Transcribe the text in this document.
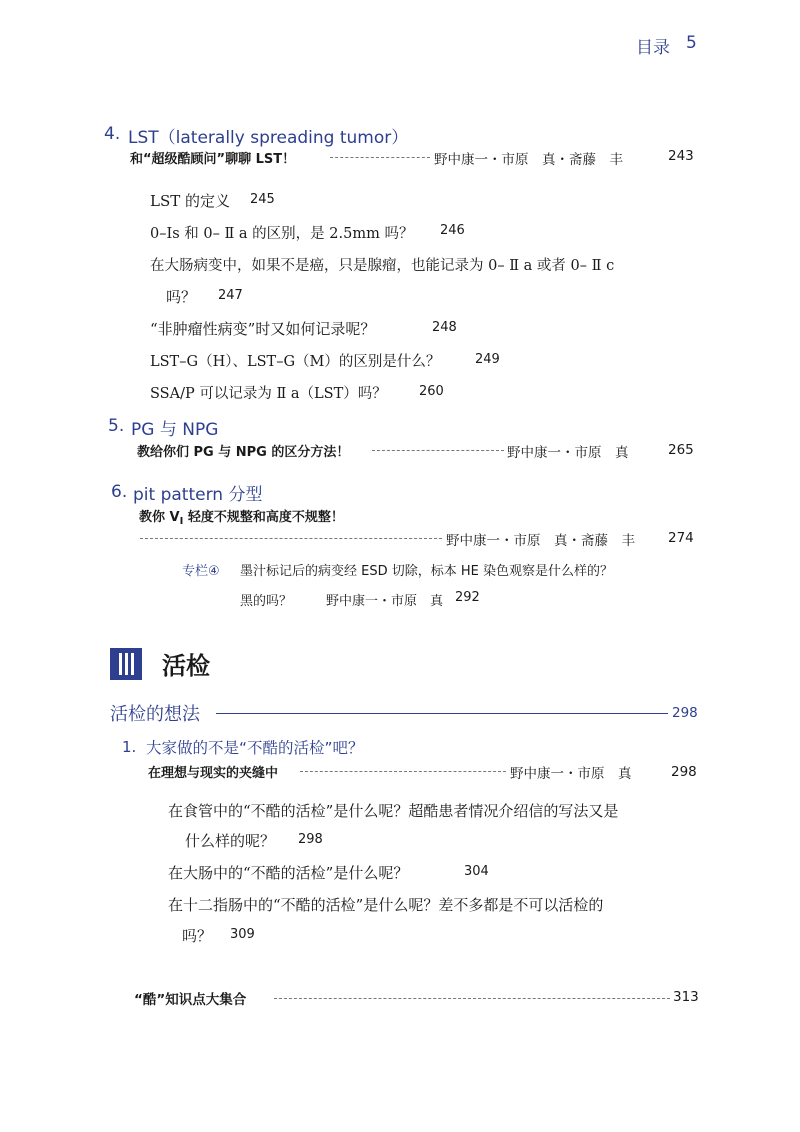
目录 5
4. LST（laterally spreading tumor）
和“超级酷顾问”聊聊 LST！	野中康一・市原　真・斋藤　丰	243
LST 的定义 245
0–Is 和 0– Ⅱ a 的区别，是 2.5mm 吗？ 246
在大肠病变中，如果不是癌，只是腺瘤，也能记录为 0– Ⅱ a 或者 0– Ⅱ c
吗？ 247
“非肿瘤性病变”时又如何记录呢？	248
LST–G（H）、LST–G（M）的区别是什么？	249
SSA/P 可以记录为 Ⅱ a（LST）吗？ 260
5. PG 与 NPG
教给你们 PG 与 NPG 的区分方法！	野中康一・市原　真	265
6. pit pattern 分型
教你 $V_I$ 轻度不规整和高度不规整！
野中康一・市原　真・斋藤　丰 274
专栏④ 墨汁标记后的病变经 ESD 切除，标本 HE 染色观察是什么样的？
黑的吗？	野中康一・市原　真 292
活检
活检的想法	298
1. 大家做的不是“不酷的活检”吧？
在理想与现实的夹缝中	野中康一・市原　真	298
在食管中的“不酷的活检”是什么呢？超酷患者情况介绍信的写法又是
什么样的呢？ 298
在大肠中的“不酷的活检”是什么呢？	304
在十二指肠中的“不酷的活检”是什么呢？差不多都是不可以活检的
吗？ 309
“酷”知识点大集合	313
